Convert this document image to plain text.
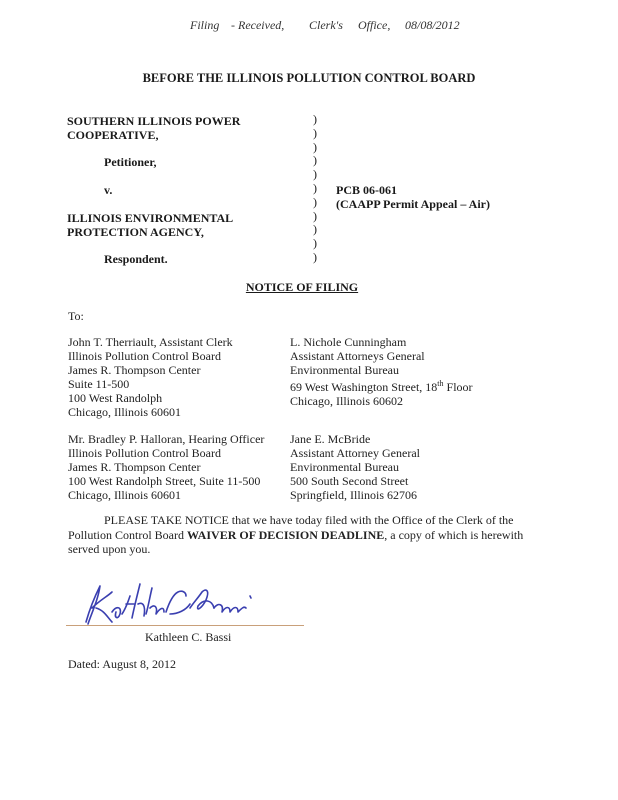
Filing - Received, Clerk's Office, 08/08/2012
BEFORE THE ILLINOIS POLLUTION CONTROL BOARD
SOUTHERN ILLINOIS POWER
COOPERATIVE,
Petitioner,
v.
ILLINOIS ENVIRONMENTAL
PROTECTION AGENCY,
Respondent.
)
)
)
)
)
)
)
)
)
)
)
PCB 06-061
(CAAPP Permit Appeal – Air)
NOTICE OF FILING
To:
John T. Therriault, Assistant Clerk
Illinois Pollution Control Board
James R. Thompson Center
Suite 11-500
100 West Randolph
Chicago, Illinois 60601
L. Nichole Cunningham
Assistant Attorneys General
Environmental Bureau
69 West Washington Street, 18th Floor
Chicago, Illinois 60602
Mr. Bradley P. Halloran, Hearing Officer
Illinois Pollution Control Board
James R. Thompson Center
100 West Randolph Street, Suite 11-500
Chicago, Illinois 60601
Jane E. McBride
Assistant Attorney General
Environmental Bureau
500 South Second Street
Springfield, Illinois 62706
PLEASE TAKE NOTICE that we have today filed with the Office of the Clerk of the Pollution Control Board WAIVER OF DECISION DEADLINE, a copy of which is herewith served upon you.
Kathleen C. Bassi
Dated: August 8, 2012
